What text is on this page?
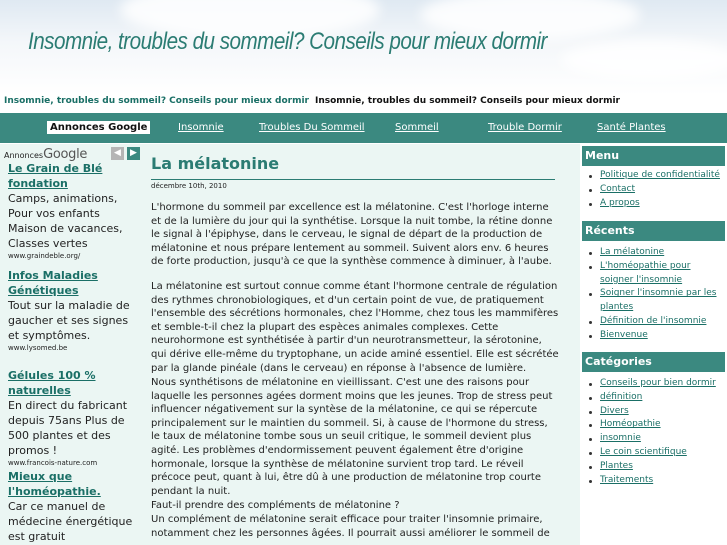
Insomnie, troubles du sommeil? Conseils pour mieux dormir
Insomnie, troubles du sommeil? Conseils pour mieux dormir Insomnie, troubles du sommeil? Conseils pour mieux dormir
Annonces Google	Insomnie	Troubles Du Sommeil	Sommeil	Trouble Dormir	Santé Plantes
AnnoncesGoogle	◀	▶
Le Grain de Blé fondation
Camps, animations, Pour vos enfants Maison de vacances, Classes vertes
www.graindeble.org/
Infos Maladies Génétiques
Tout sur la maladie de gaucher et ses signes et symptômes.
www.lysomed.be
Gélules 100 % naturelles
En direct du fabricant depuis 75ans Plus de 500 plantes et des promos !
www.francois-nature.com
Mieux que l'homéopathie.
Car ce manuel de médecine énergétique est gratuit
La mélatonine
décembre 10th, 2010
L'hormone du sommeil par excellence est la mélatonine. C'est l'horloge interne et de la lumière du jour qui la synthétise. Lorsque la nuit tombe, la rétine donne le signal à l'épiphyse, dans le cerveau, le signal de départ de la production de mélatonine et nous prépare lentement au sommeil. Suivent alors env. 6 heures de forte production, jusqu'à ce que la synthèse commence à diminuer, à l'aube.
La mélatonine est surtout connue comme étant l'hormone centrale de régulation des rythmes chronobiologiques, et d'un certain point de vue, de pratiquement l'ensemble des sécrétions hormonales, chez l'Homme, chez tous les mammifères et semble-t-il chez la plupart des espèces animales complexes. Cette neurohormone est synthétisée à partir d'un neurotransmetteur, la sérotonine, qui dérive elle-même du tryptophane, un acide aminé essentiel. Elle est sécrétée par la glande pinéale (dans le cerveau) en réponse à l'absence de lumière.
Nous synthétisons de mélatonine en vieillissant. C'est une des raisons pour laquelle les personnes agées dorment moins que les jeunes. Trop de stress peut influencer négativement sur la syntèse de la mélatonine, ce qui se répercute principalement sur le maintien du sommeil. Si, à cause de l'hormone du stress, le taux de mélatonine tombe sous un seuil critique, le sommeil devient plus agité. Les problèmes d'endormissement peuvent également être d'origine hormonale, lorsque la synthèse de mélatonine survient trop tard. Le réveil précoce peut, quant à lui, être dû à une production de mélatonine trop courte pendant la nuit.
Faut-il prendre des compléments de mélatonine ?
Un complément de mélatonine serait efficace pour traiter l'insomnie primaire, notamment chez les personnes âgées. Il pourrait aussi améliorer le sommeil de
Menu
Politique de confidentialité
Contact
A propos
Récents
La mélatonine
L'homéopathie pour soigner l'insomnie
Soigner l'insomnie par les plantes
Définition de l'insomnie
Bienvenue
Catégories
Conseils pour bien dormir
définition
Divers
Homéopathie
insomnie
Le coin scientifique
Plantes
Traitements
